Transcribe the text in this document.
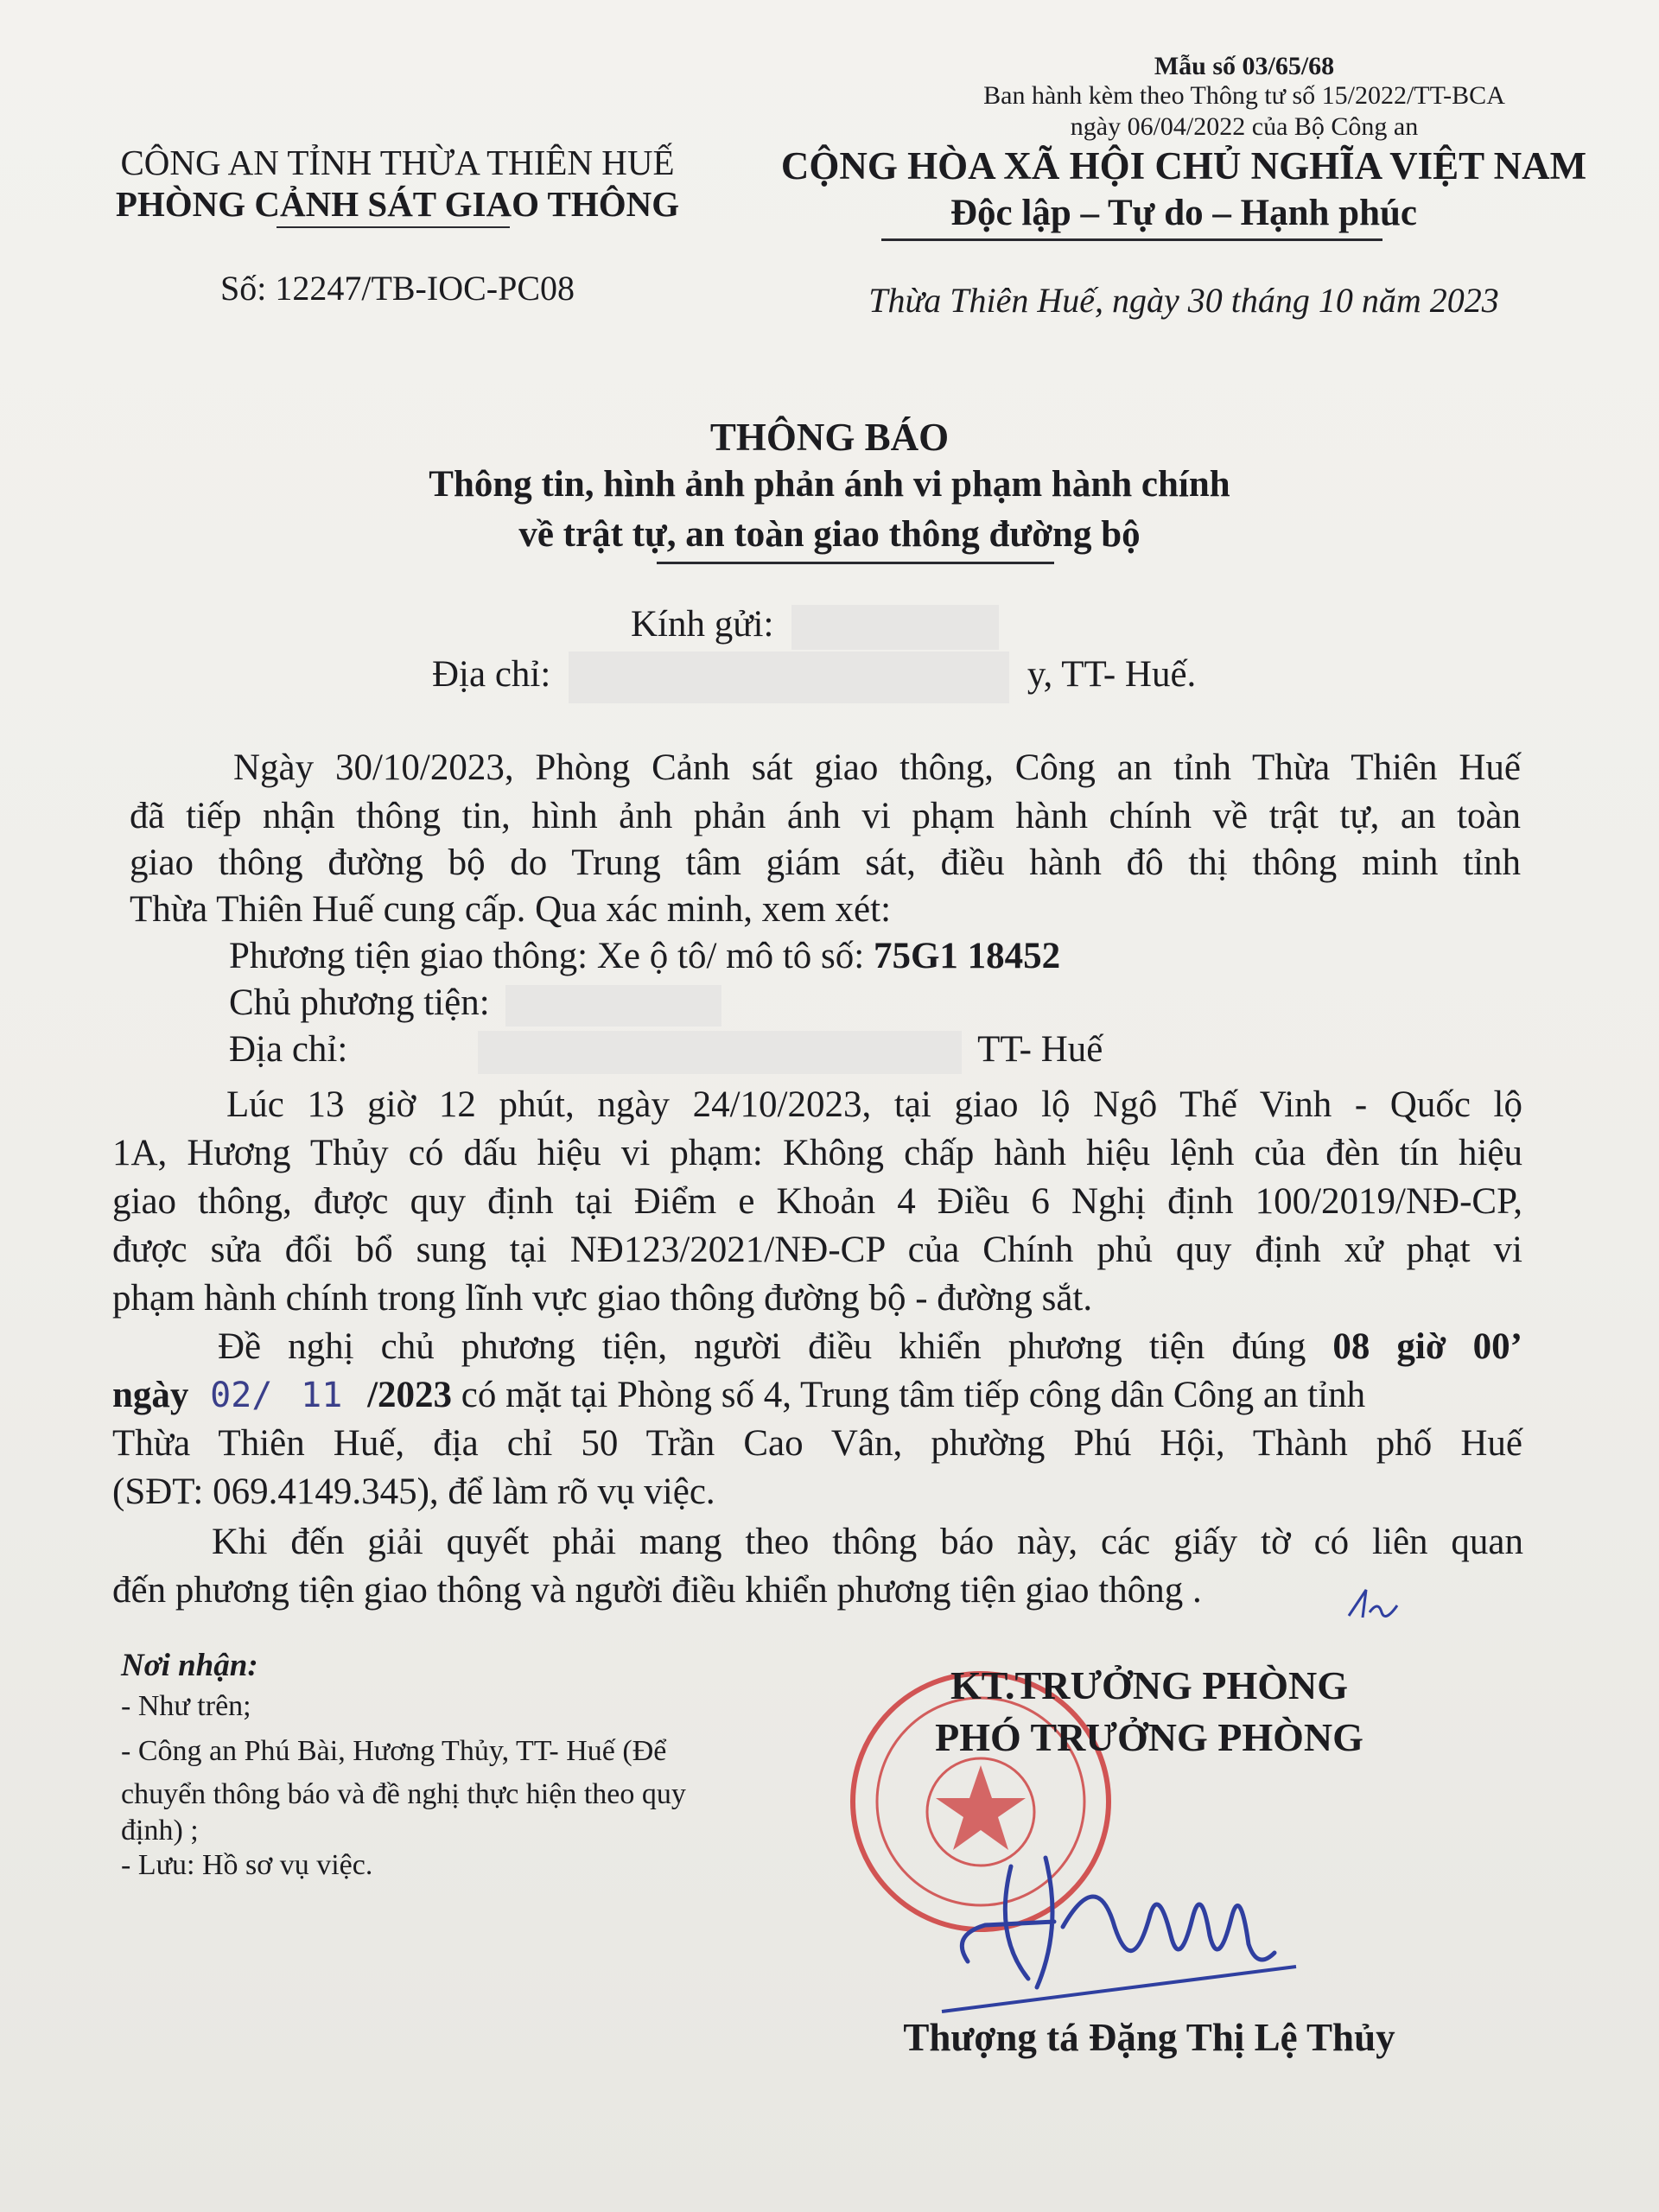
Mẫu số 03/65/68
Ban hành kèm theo Thông tư số 15/2022/TT-BCA
ngày 06/04/2022 của Bộ Công an
CÔNG AN TỈNH THỪA THIÊN HUẾ
PHÒNG CẢNH SÁT GIAO THÔNG
Số: 12247/TB-IOC-PC08
CỘNG HÒA XÃ HỘI CHỦ NGHĨA VIỆT NAM
Độc lập – Tự do – Hạnh phúc
Thừa Thiên Huế, ngày 30 tháng 10 năm 2023
THÔNG BÁO
Thông tin, hình ảnh phản ánh vi phạm hành chính
về trật tự, an toàn giao thông đường bộ
Kính gửi:
Địa chỉ:	y, TT- Huế.
Ngày 30/10/2023, Phòng Cảnh sát giao thông, Công an tỉnh Thừa Thiên Huế
đã tiếp nhận thông tin, hình ảnh phản ánh vi phạm hành chính về trật tự, an toàn
giao thông đường bộ do Trung tâm giám sát, điều hành đô thị thông minh tỉnh
Thừa Thiên Huế cung cấp. Qua xác minh, xem xét:
Phương tiện giao thông: Xe ộ tô/ mô tô số: 75G1 18452
Chủ phương tiện:
Địa chỉ:	TT- Huế
Lúc 13 giờ 12 phút, ngày 24/10/2023, tại giao lộ Ngô Thế Vinh - Quốc lộ
1A, Hương Thủy có dấu hiệu vi phạm: Không chấp hành hiệu lệnh của đèn tín hiệu
giao thông, được quy định tại Điểm e Khoản 4 Điều 6 Nghị định 100/2019/NĐ-CP,
được sửa đổi bổ sung tại NĐ123/2021/NĐ-CP của Chính phủ quy định xử phạt vi
phạm hành chính trong lĩnh vực giao thông đường bộ - đường sắt.
Đề nghị chủ phương tiện, người điều khiển phương tiện đúng 08 giờ 00’
ngày 02/ 11 /2023 có mặt tại Phòng số 4, Trung tâm tiếp công dân Công an tỉnh
Thừa Thiên Huế, địa chỉ 50 Trần Cao Vân, phường Phú Hội, Thành phố Huế
(SĐT: 069.4149.345), để làm rõ vụ việc.
Khi đến giải quyết phải mang theo thông báo này, các giấy tờ có liên quan
đến phương tiện giao thông và người điều khiển phương tiện giao thông .
Nơi nhận:
- Như trên;
- Công an Phú Bài, Hương Thủy, TT- Huế (Để
chuyển thông báo và đề nghị thực hiện theo quy
định) ;
- Lưu: Hồ sơ vụ việc.
KT.TRƯỞNG PHÒNG
PHÓ TRƯỞNG PHÒNG
Thượng tá Đặng Thị Lệ Thủy
